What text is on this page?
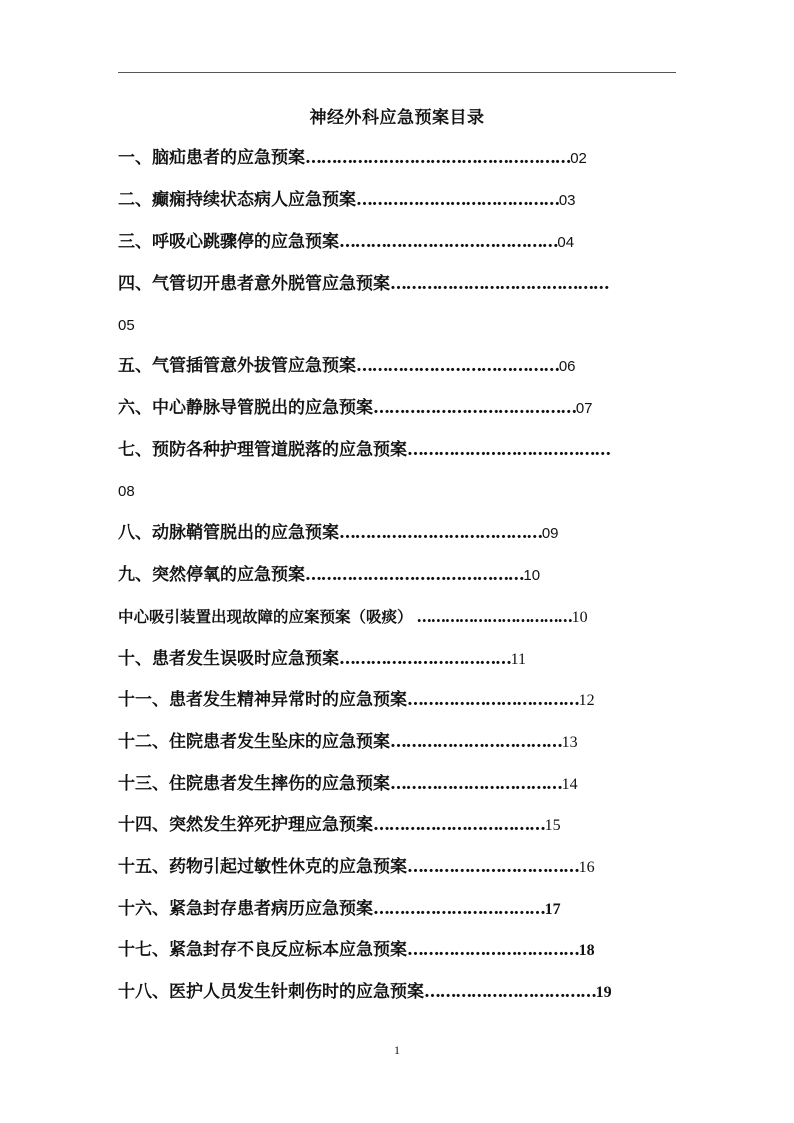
神经外科应急预案目录
一、脑疝患者的应急预案……………………………………………02
二、癫痫持续状态病人应急预案…………………………………03
三、呼吸心跳骤停的应急预案……………………………………04
四、气管切开患者意外脱管应急预案……………………………………
05
五、气管插管意外拔管应急预案…………………………………06
六、中心静脉导管脱出的应急预案…………………………………07
七、预防各种护理管道脱落的应急预案…………………………………
08
八、动脉鞘管脱出的应急预案…………………………………09
九、突然停氧的应急预案……………………………………10
中心吸引装置出现故障的应案预案（吸痰） ……………………………10
十、患者发生误吸时应急预案……………………………11
十一、患者发生精神异常时的应急预案……………………………12
十二、住院患者发生坠床的应急预案……………………………13
十三、住院患者发生摔伤的应急预案……………………………14
十四、突然发生猝死护理应急预案……………………………15
十五、药物引起过敏性休克的应急预案……………………………16
十六、紧急封存患者病历应急预案……………………………17
十七、紧急封存不良反应标本应急预案……………………………18
十八、医护人员发生针刺伤时的应急预案……………………………19
1
